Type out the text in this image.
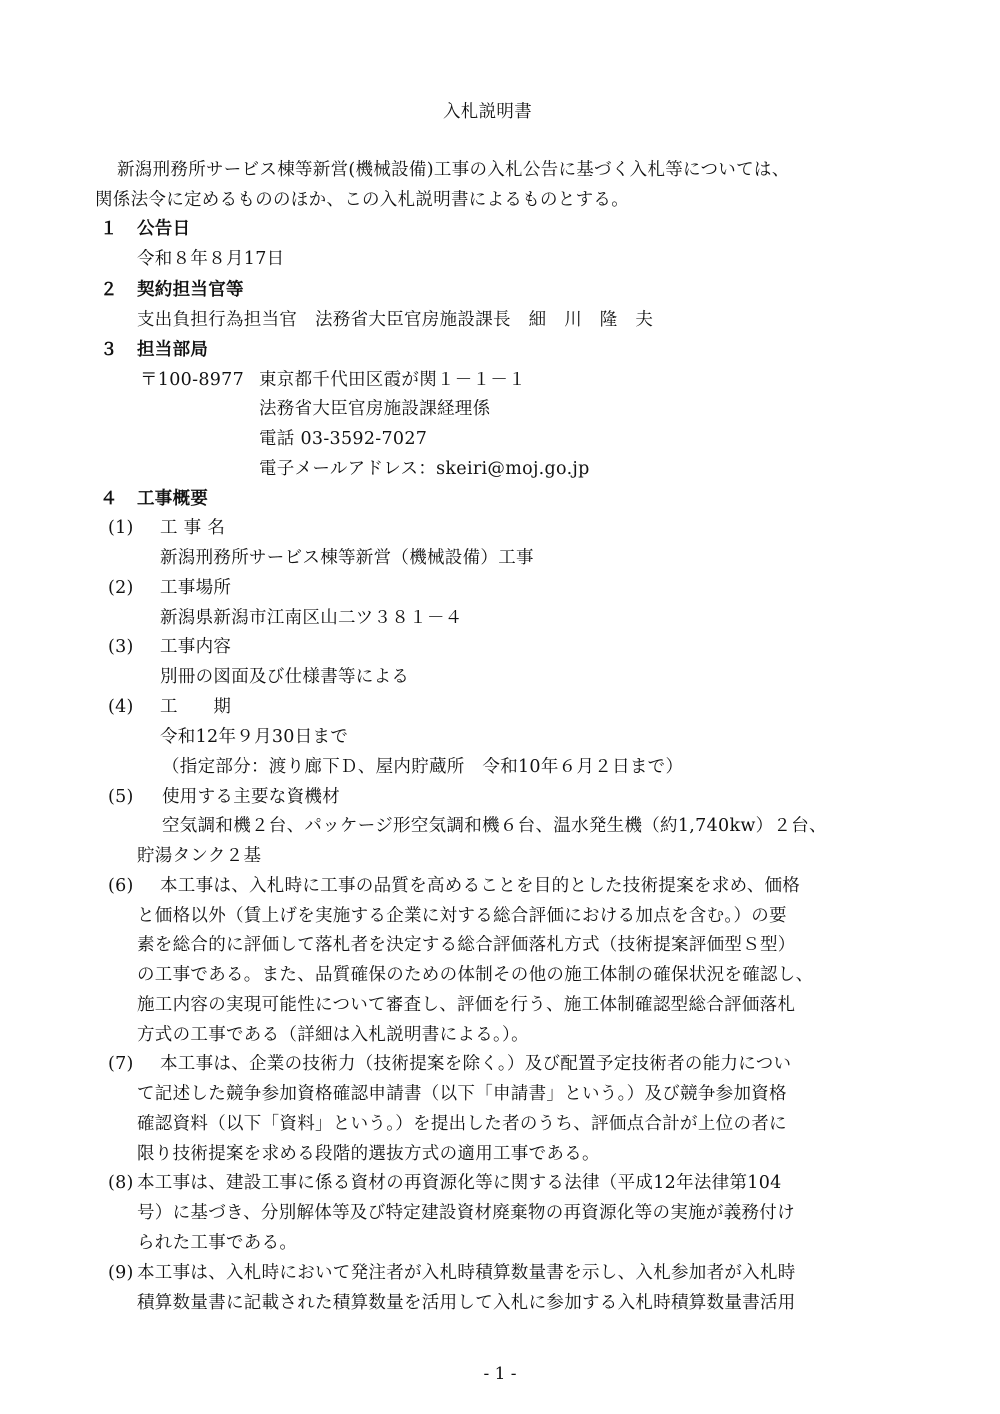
入札説明書
新潟刑務所サービス棟等新営(機械設備)工事の入札公告に基づく入札等については、
関係法令に定めるもののほか、この入札説明書によるものとする。
１ 公告日
令和８年８月17日
２ 契約担当官等
支出負担行為担当官　法務省大臣官房施設課長　細　川　隆　夫
３ 担当部局
〒100-8977 東京都千代田区霞が関１－１－１
法務省大臣官房施設課経理係
電話 03-3592-7027
電子メールアドレス：skeiri@moj.go.jp
４ 工事概要
(1) 工 事 名
新潟刑務所サービス棟等新営（機械設備）工事
(2) 工事場所
新潟県新潟市江南区山二ツ３８１－４
(3) 工事内容
別冊の図面及び仕様書等による
(4) 工　　期
令和12年９月30日まで
（指定部分：渡り廊下Ｄ、屋内貯蔵所　令和10年６月２日まで）
(5) 使用する主要な資機材
空気調和機２台、パッケージ形空気調和機６台、温水発生機（約1,740kw）２台、
貯湯タンク２基
(6) 本工事は、入札時に工事の品質を高めることを目的とした技術提案を求め、価格
と価格以外（賃上げを実施する企業に対する総合評価における加点を含む。）の要
素を総合的に評価して落札者を決定する総合評価落札方式（技術提案評価型Ｓ型）
の工事である。また、品質確保のための体制その他の施工体制の確保状況を確認し、
施工内容の実現可能性について審査し、評価を行う、施工体制確認型総合評価落札
方式の工事である（詳細は入札説明書による。）。
(7) 本工事は、企業の技術力（技術提案を除く。）及び配置予定技術者の能力につい
て記述した競争参加資格確認申請書（以下「申請書」という。）及び競争参加資格
確認資料（以下「資料」という。）を提出した者のうち、評価点合計が上位の者に
限り技術提案を求める段階的選抜方式の適用工事である。
(8) 本工事は、建設工事に係る資材の再資源化等に関する法律（平成12年法律第104
号）に基づき、分別解体等及び特定建設資材廃棄物の再資源化等の実施が義務付け
られた工事である。
(9) 本工事は、入札時において発注者が入札時積算数量書を示し、入札参加者が入札時
積算数量書に記載された積算数量を活用して入札に参加する入札時積算数量書活用
- 1 -
